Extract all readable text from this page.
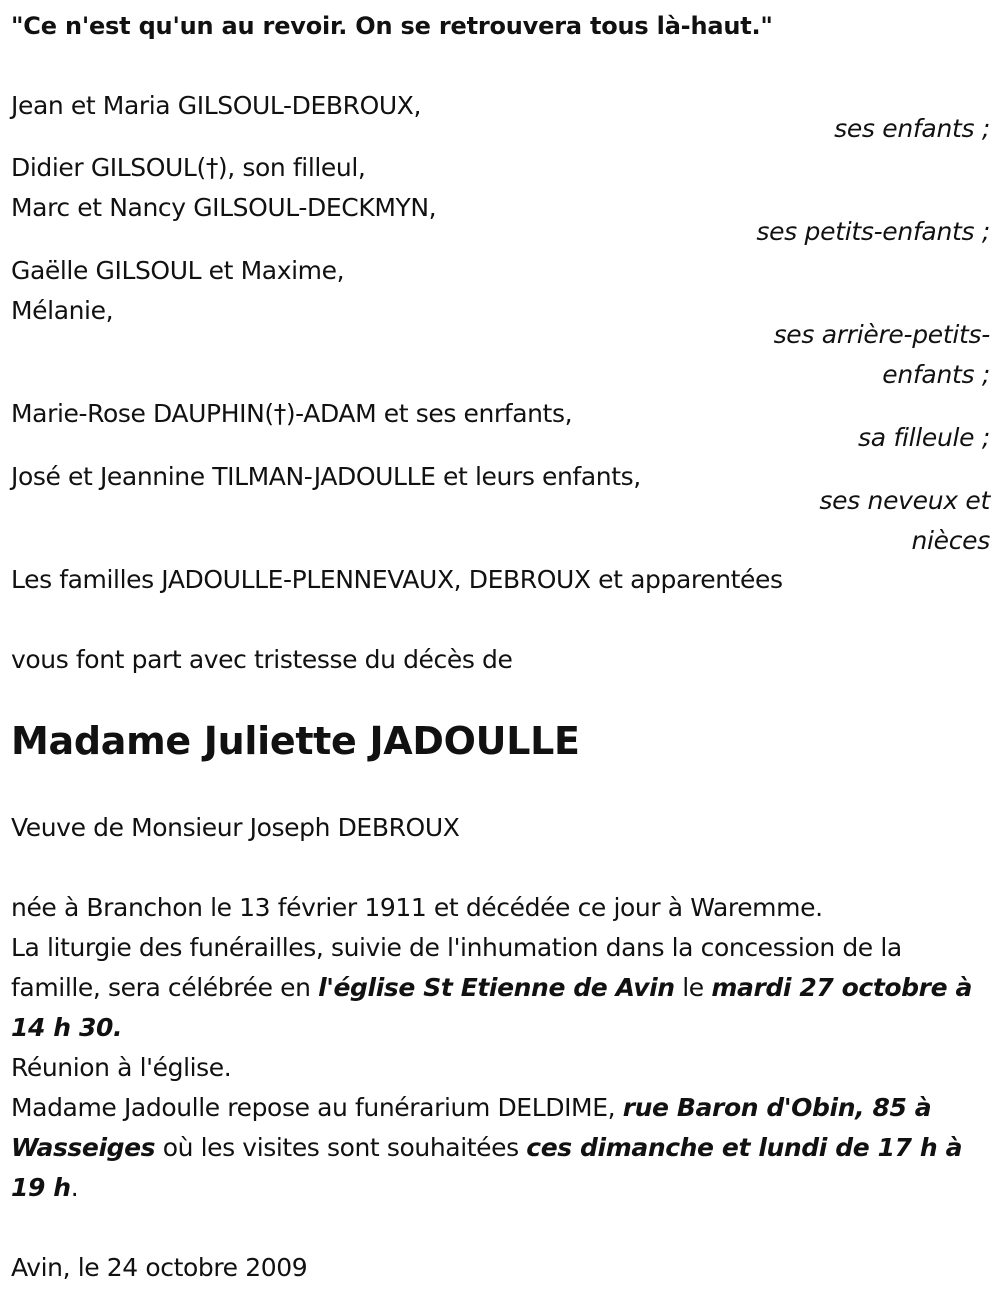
"Ce n'est qu'un au revoir. On se retrouvera tous là-haut."
Jean et Maria GILSOUL-DEBROUX,
ses enfants ;
Didier GILSOUL(†), son filleul,
Marc et Nancy GILSOUL-DECKMYN,
ses petits-enfants ;
Gaëlle GILSOUL et Maxime,
Mélanie,
ses arrière-petits-
enfants ;
Marie-Rose DAUPHIN(†)-ADAM et ses enrfants,
sa filleule ;
José et Jeannine TILMAN-JADOULLE et leurs enfants,
ses neveux et
nièces
Les familles JADOULLE-PLENNEVAUX, DEBROUX et apparentées
vous font part avec tristesse du décès de
Madame Juliette JADOULLE
Veuve de Monsieur Joseph DEBROUX
née à Branchon le 13 février 1911 et décédée ce jour à Waremme.
La liturgie des funérailles, suivie de l'inhumation dans la concession de la famille, sera célébrée en l'église St Etienne de Avin le mardi 27 octobre à 14 h 30.
Réunion à l'église.
Madame Jadoulle repose au funérarium DELDIME, rue Baron d'Obin, 85 à Wasseiges où les visites sont souhaitées ces dimanche et lundi de 17 h à 19 h.
Avin, le 24 octobre 2009
